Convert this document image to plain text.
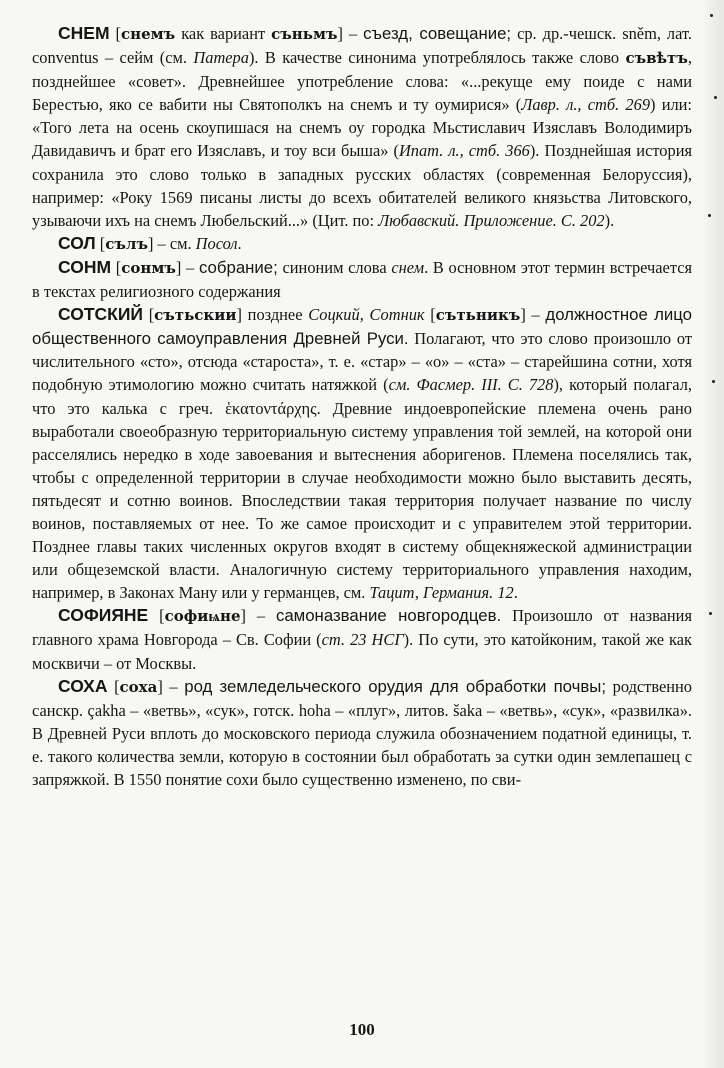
СНЕМ [снемъ как вариант съньмъ] – съезд, совещание; ср. др.-чешск. sněm, лат. conventus – сейм (см. Патера). В качестве синонима употреблялось также слово съвѣтъ, позднейшее «совет». Древнейшее употребление слова: «...рекуще ему поиде с нами Берестью, яко се вабити ны Святополкъ на снемъ и ту оумирися» (Лавр. л., стб. 269) или: «Того лета на осень скоупишася на снемъ оу городка Мьстиславич Изяславъ Володимиръ Давидавичъ и брат его Изяславъ, и тоу вси быша» (Ипат. л., стб. 366). Позднейшая история сохранила это слово только в западных русских областях (современная Белоруссия), например: «Року 1569 писаны листы до всехъ обитателей великого князьства Литовского, узываючи ихъ на снемъ Любельский...» (Цит. по: Любавский. Приложение. С. 202).

СОЛ [сълъ] – см. Посол.

СОНМ [сонмъ] – собрание; синоним слова снем. В основном этот термин встречается в текстах религиозного содержания

СОТСКИЙ [сътьскии] позднее Соцкий, Сотник [сътьникъ] – должностное лицо общественного самоуправления Древней Руси. Полагают, что это слово произошло от числительного «сто», отсюда «староста», т. е. «стар» – «о» – «ста» – старейшина сотни, хотя подобную этимологию можно считать натяжкой (см. Фасмер. III. С. 728), который полагал, что это калька с греч. ἑκατοντάρχης. Древние индоевропейские племена очень рано выработали своеобразную территориальную систему управления той землей, на которой они расселялись нередко в ходе завоевания и вытеснения аборигенов. Племена поселялись так, чтобы с определенной территории в случае необходимости можно было выставить десять, пятьдесят и сотню воинов. Впоследствии такая территория получает название по числу воинов, поставляемых от нее. То же самое происходит и с управителем этой территории. Позднее главы таких численных округов входят в систему общекняжеской администрации или общеземской власти. Аналогичную систему территориального управления находим, например, в Законах Ману или у германцев, см. Тацит, Германия. 12.

СОФИЯНЕ [софиѩне] – самоназвание новгородцев. Произошло от названия главного храма Новгорода – Св. Софии (ст. 23 НСГ). По сути, это катойконим, такой же как москвичи – от Москвы.

СОХА [соха] – род земледельческого орудия для обработки почвы; родственно санскр. çakha – «ветвь», «сук», готск. hoha – «плуг», литов. šaka – «ветвь», «сук», «развилка». В Древней Руси вплоть до московского периода служила обозначением податной единицы, т. е. такого количества земли, которую в состоянии был обработать за сутки один землепашец с запряжкой. В 1550 понятие сохи было существенно изменено, по сви-

100
